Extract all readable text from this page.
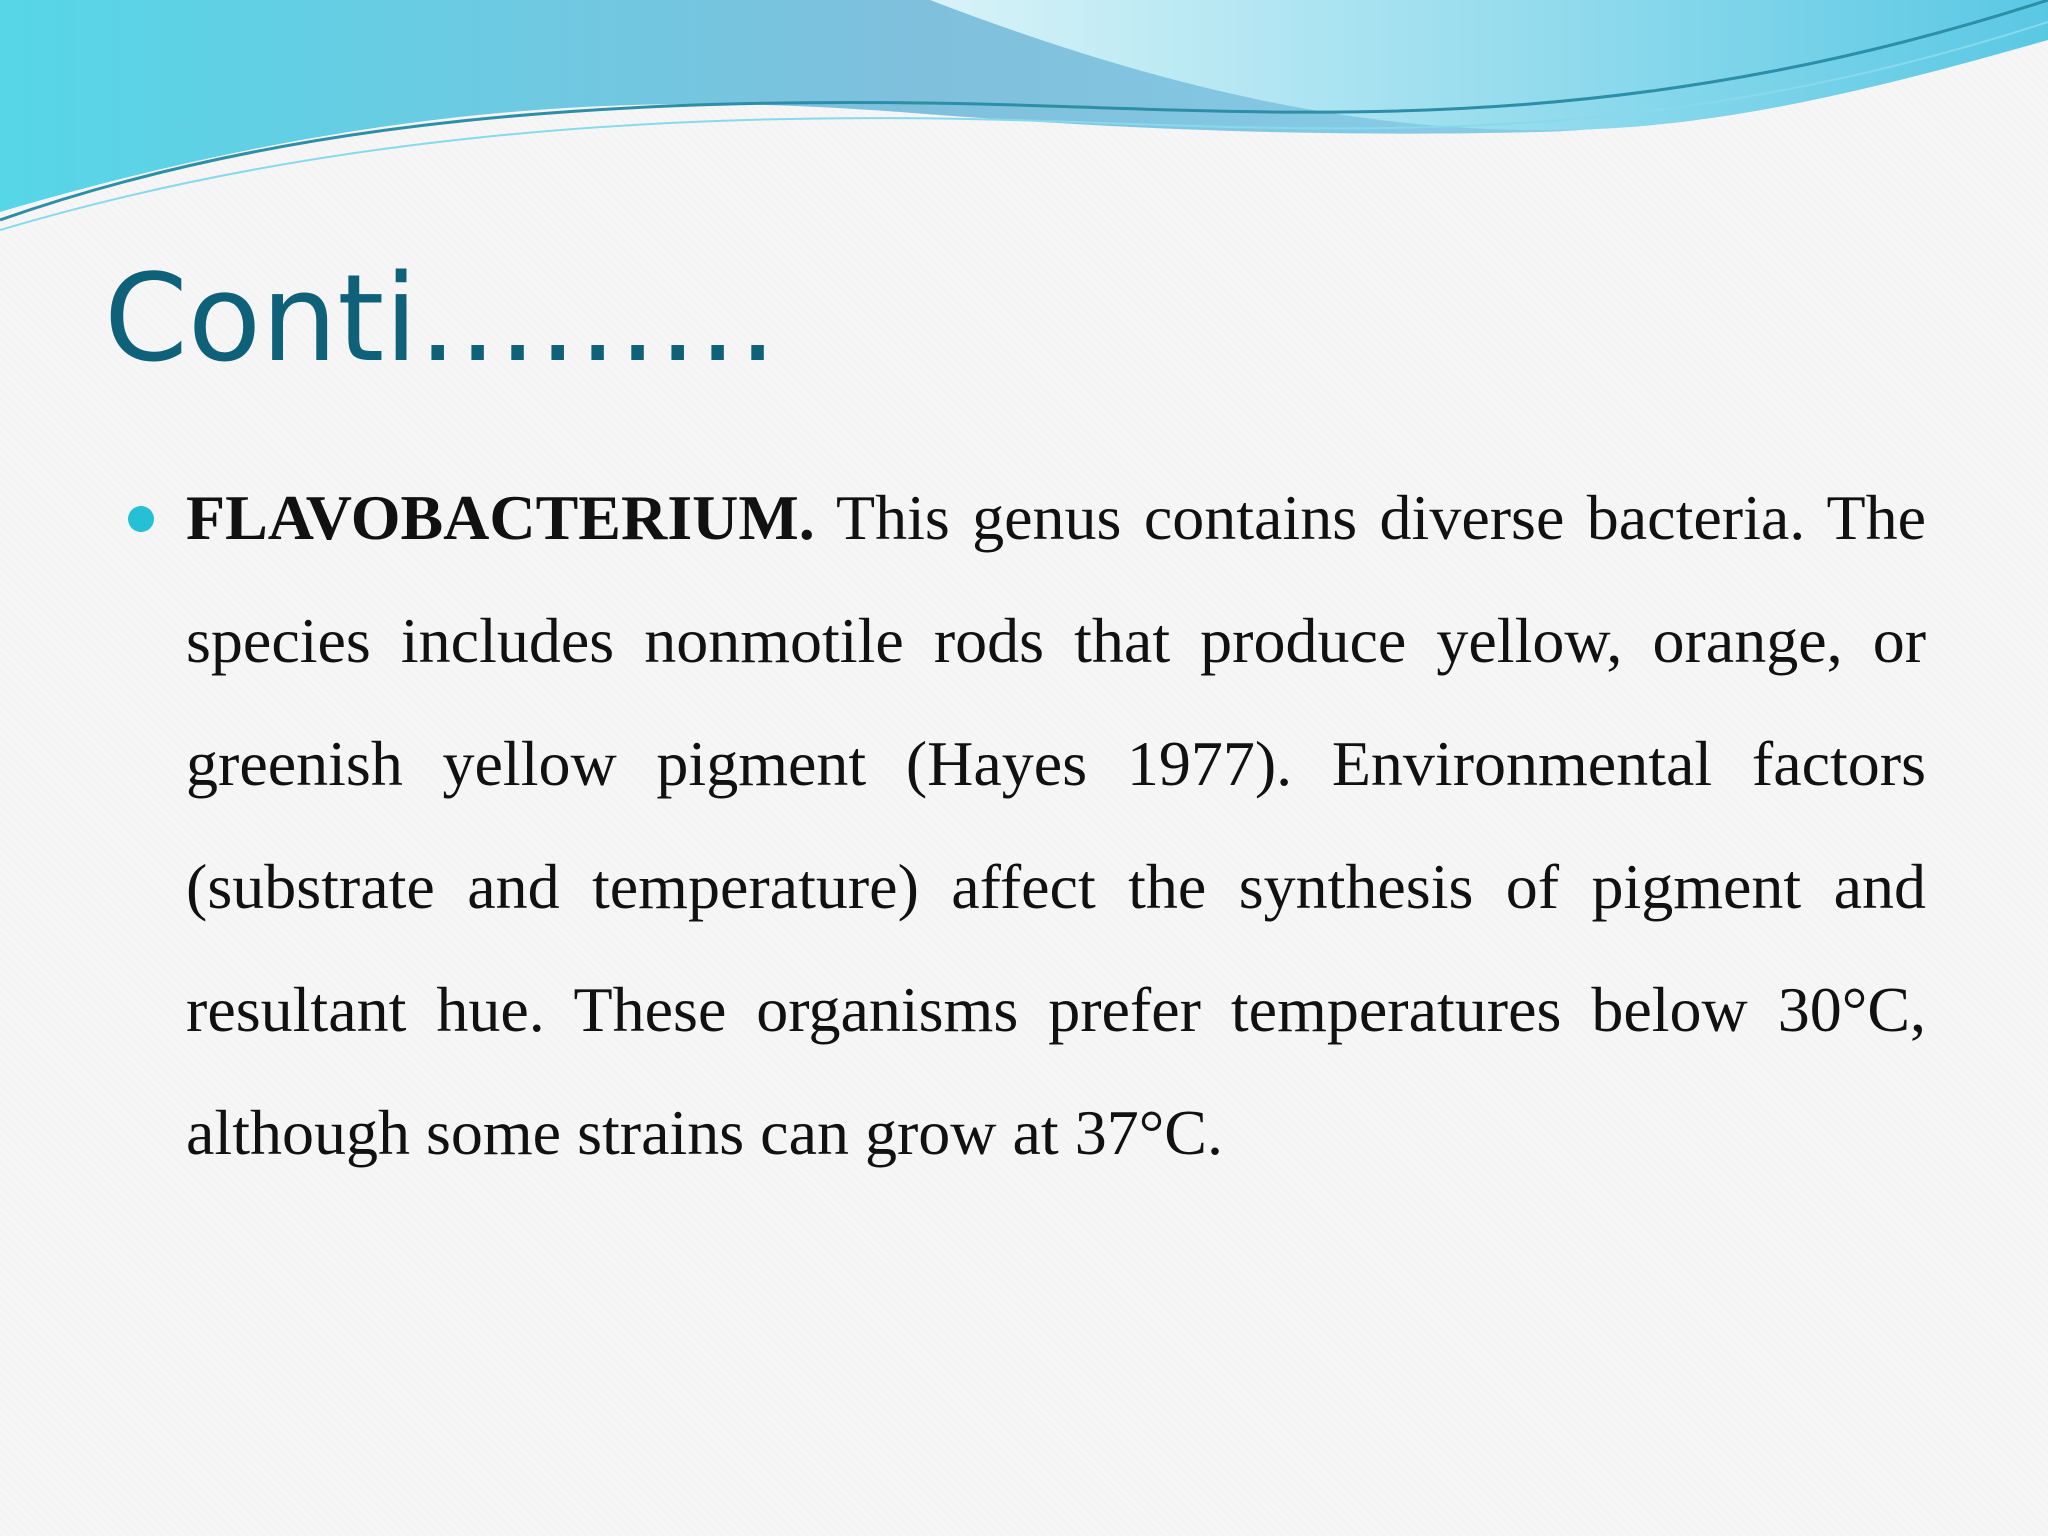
Conti………
FLAVOBACTERIUM. This genus contains diverse bacteria. The species includes nonmotile rods that produce yellow, orange, or greenish yellow pigment (Hayes 1977). Environmental factors (substrate and temperature) affect the synthesis of pigment and resultant hue. These organisms prefer temperatures below 30°C, although some strains can grow at 37°C.
